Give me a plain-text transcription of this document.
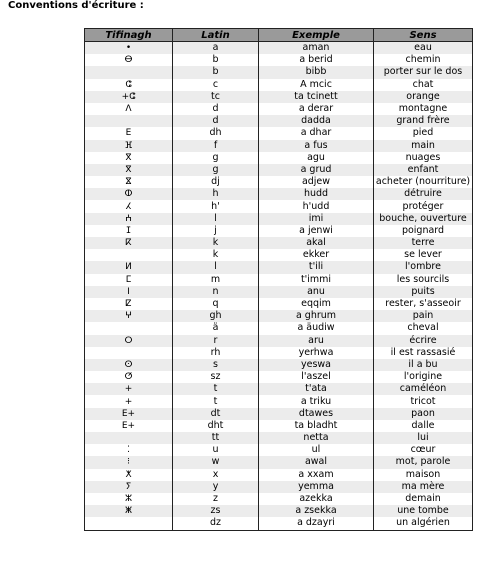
Conventions d'écriture :
Tifinagh	Latin	Exemple	Sens
•	a	aman	eau
ⴱ	b	a berid	chemin
	b	bibb	porter sur le dos
ⵛ	c	A mcic	chat
+ⵛ	tc	ta tcinett	orange
ⴷ	d	a derar	montagne
	d	dadda	grand frère
ⴹ	dh	a dhar	pied
ⴼ	f	a fus	main
ⴳ	g	agu	nuages
ⴳ	g	a grud	enfant
ⴵ	dj	adjew	acheter (nourriture)
ⵀ	h	hudd	détruire
ⵃ	h'	h'udd	protéger
ⵄ	l	imi	bouche, ouverture
ⵊ	j	a jenwi	poignard
ⴽ	k	akal	terre
	k	ekker	se lever
ⵍ	l	t'ili	l'ombre
ⵎ	m	t'immi	les sourcils
ⵏ	n	anu	puits
ⵇ	q	eqqim	rester, s'asseoir
ⵖ	gh	a ghrum	pain
	ä	a äudiw	cheval
ⵔ	r	aru	écrire
	rh	yerhwa	il est rassasié
ⵙ	s	yeswa	il a bu
ⵚ	sz	l'aszel	l'origine
+	t	t'ata	caméléon
+	t	a triku	tricot
ⴹ+	dt	dtawes	paon
ⴹ+	dht	ta bladht	dalle
	tt	netta	lui
⁚	u	ul	cœur
⁝	w	awal	mot, parole
ⵅ	x	a xxam	maison
ⵢ	y	yemma	ma mère
ⵣ	z	azekka	demain
ⵥ	zs	a zsekka	une tombe
	dz	a dzayri	un algérien
